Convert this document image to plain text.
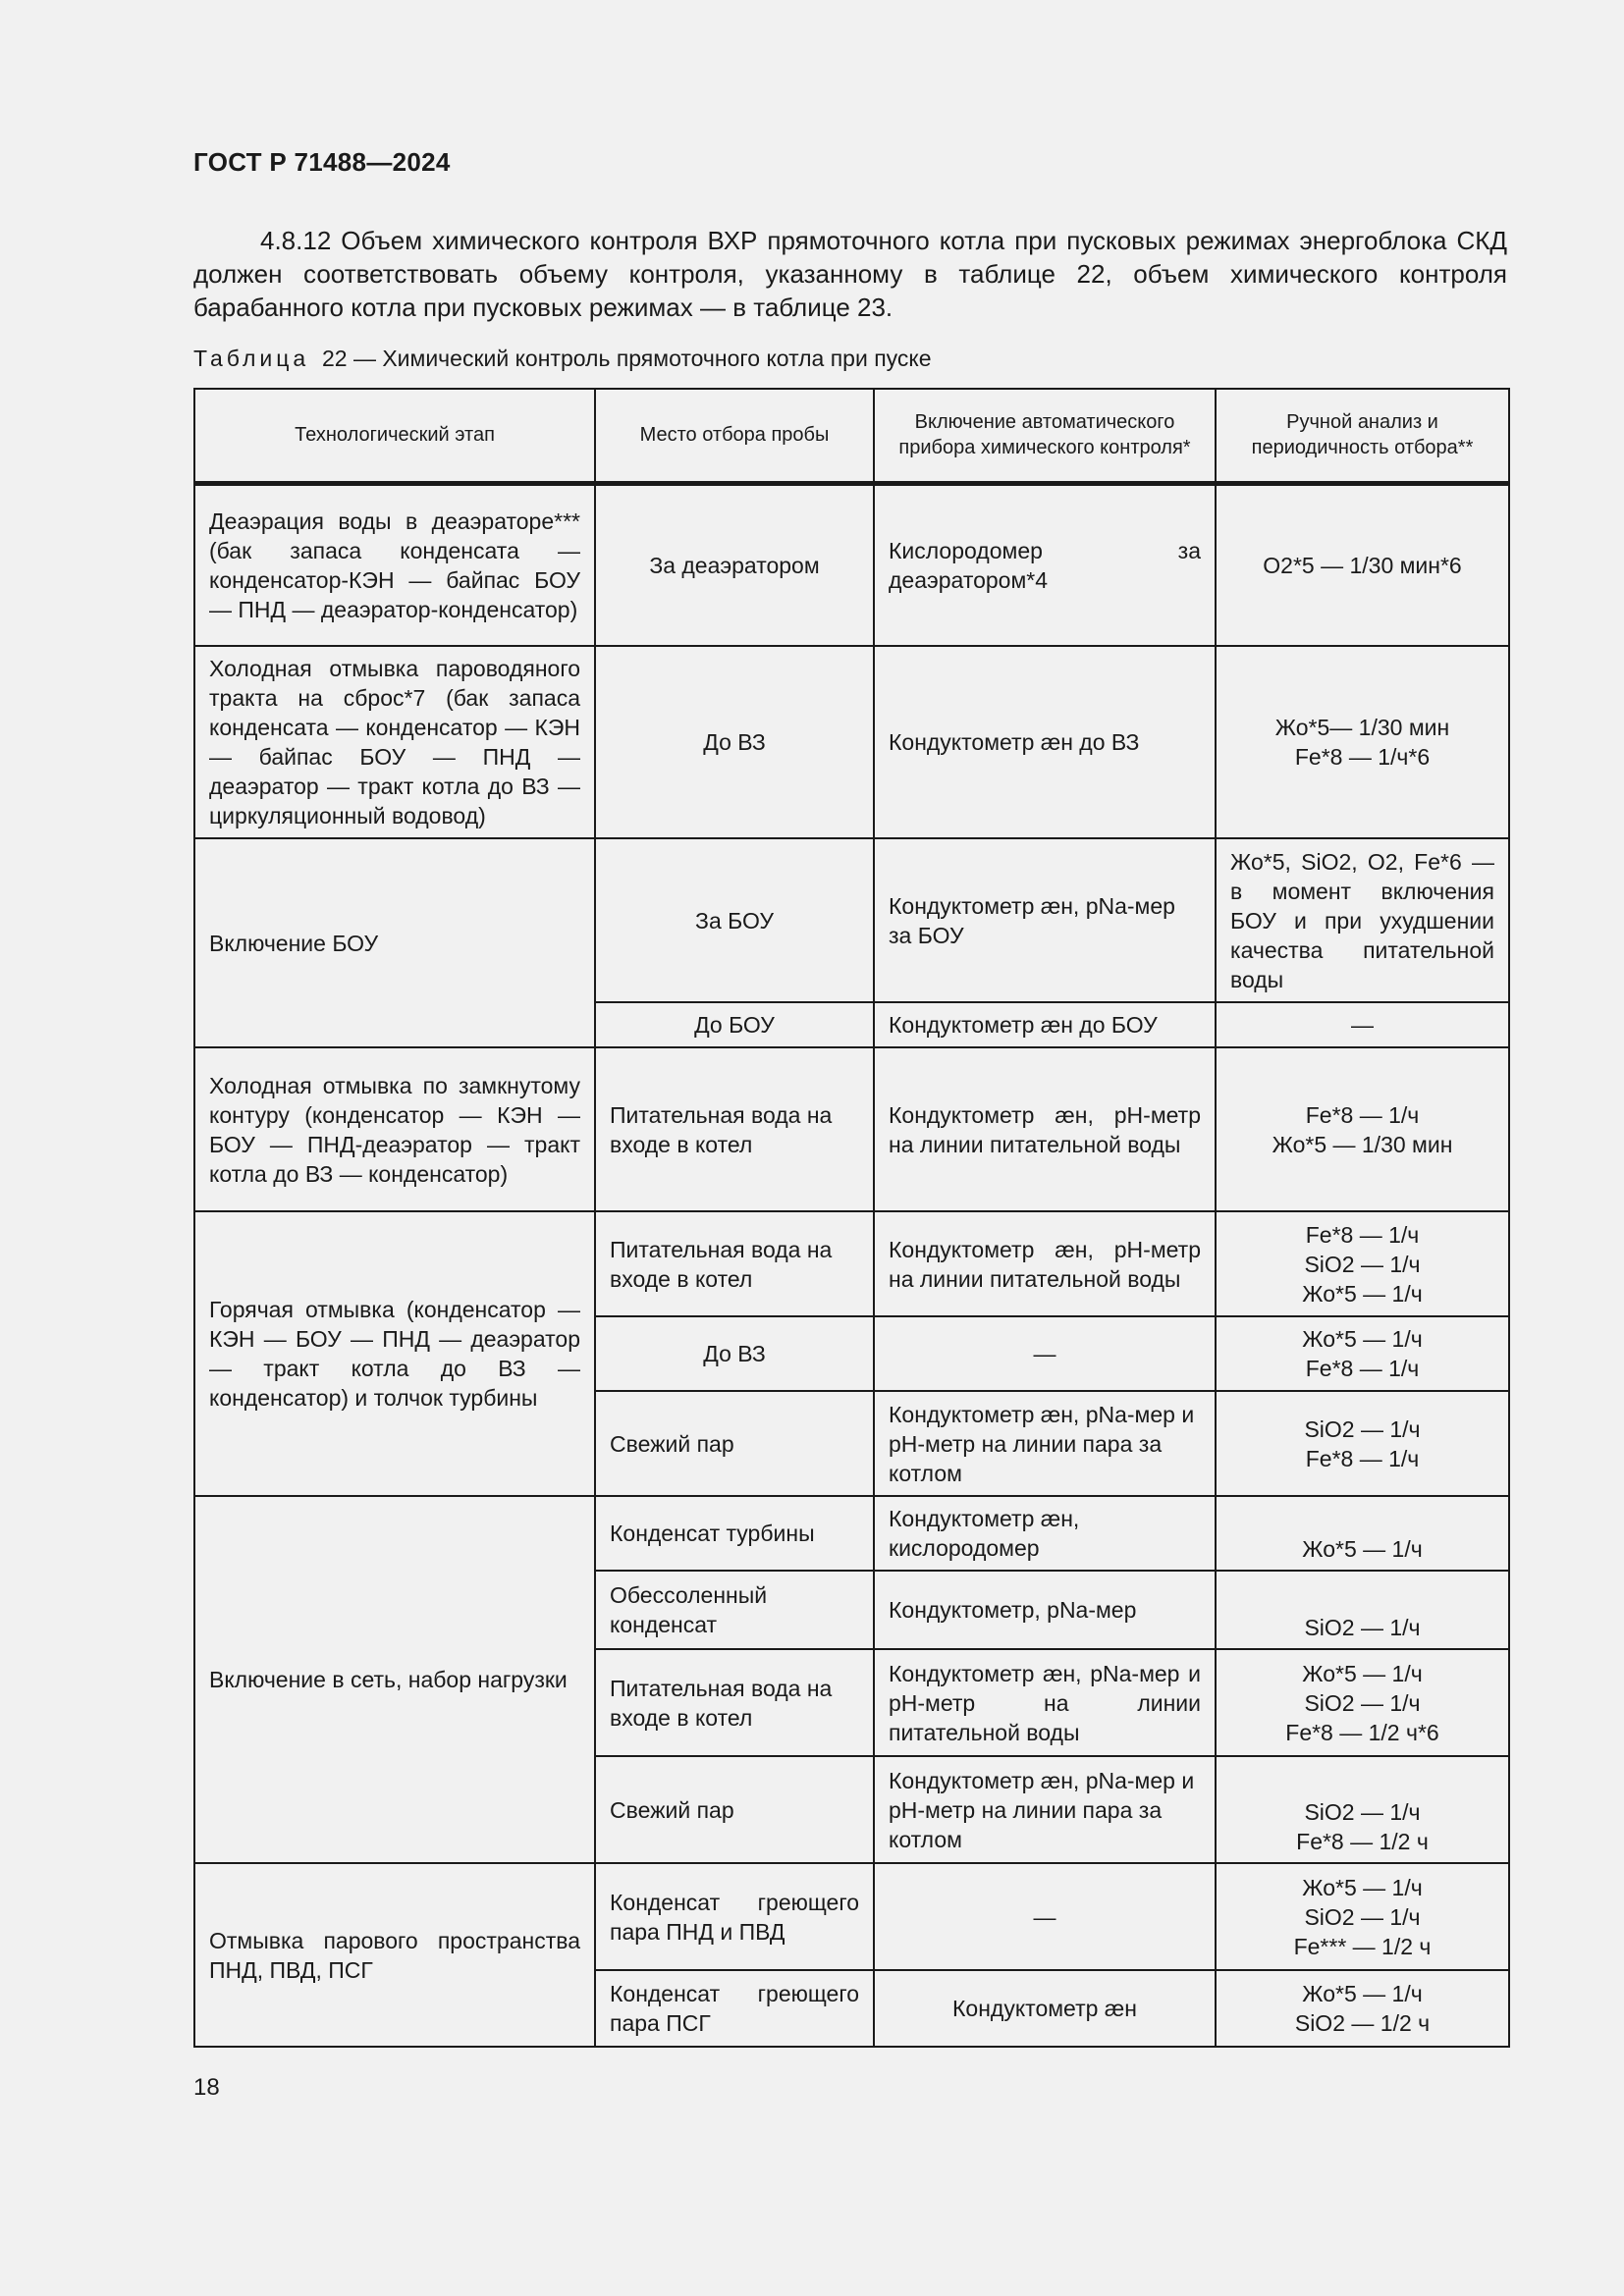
ГОСТ Р 71488—2024
4.8.12 Объем химического контроля ВХР прямоточного котла при пусковых режимах энергоблока СКД должен соответствовать объему контроля, указанному в таблице 22, объем химического контроля барабанного котла при пусковых режимах — в таблице 23.
Таблица 22 — Химический контроль прямоточного котла при пуске
Технологический этап	Место отбора пробы	Включение автоматического прибора химического контроля*	Ручной анализ и периодичность отбора**
Деаэрация воды в деаэраторе*** (бак запаса конденсата — конденсатор-КЭН — байпас БОУ — ПНД — деаэратор-конденсатор)	За деаэратором	Кислородомер за деаэратором*4	O2*5 — 1/30 мин*6

Холодная отмывка пароводяного тракта на сброс*7 (бак запаса конденсата — конденсатор — КЭН — байпас БОУ — ПНД — деаэратор — тракт котла до ВЗ — циркуляционный водовод)	До ВЗ	Кондуктометр æн до ВЗ	Жо*5— 1/30 мин
Fe*8 — 1/ч*6

Включение БОУ	За БОУ	Кондуктометр æн, pNa-мер за БОУ	Жо*5, SiO2, O2, Fe*6 — в момент включения БОУ и при ухудшении качества питательной воды

	До БОУ	Кондуктометр æн до БОУ	—

Холодная отмывка по замкнутому контуру (конденсатор — КЭН — БОУ — ПНД-деаэратор — тракт котла до ВЗ — конденсатор)	Питательная вода на входе в котел	Кондуктометр æн, pH-метр на линии питательной воды	Fe*8 — 1/ч
Жо*5 — 1/30 мин

Горячая отмывка (конденсатор — КЭН — БОУ — ПНД — деаэратор — тракт котла до ВЗ — конденсатор) и толчок турбины	Питательная вода на входе в котел	Кондуктометр æн, pH-метр на линии питательной воды	Fe*8 — 1/ч
SiO2 — 1/ч
Жо*5 — 1/ч

	До ВЗ	—	Жо*5 — 1/ч
Fe*8 — 1/ч

	Свежий пар	Кондуктометр æн, pNa-мер и pH-метр на линии пара за котлом	SiO2 — 1/ч
Fe*8 — 1/ч

Включение в сеть, набор нагрузки	Конденсат турбины	Кондуктометр æн, кислородомер	Жо*5 — 1/ч

	Обессоленный конденсат	Кондуктометр, pNa-мер	SiO2 — 1/ч

	Питательная вода на входе в котел	Кондуктометр æн, pNa-мер и pH-метр на линии питательной воды	Жо*5 — 1/ч
SiO2 — 1/ч
Fe*8 — 1/2 ч*6

	Свежий пар	Кондуктометр æн, pNa-мер и pH-метр на линии пара за котлом	SiO2 — 1/ч
Fe*8 — 1/2 ч

Отмывка парового пространства ПНД, ПВД, ПСГ	Конденсат греющего пара ПНД и ПВД	—	Жо*5 — 1/ч
SiO2 — 1/ч
Fe*** — 1/2 ч

	Конденсат греющего пара ПСГ	Кондуктометр æн	Жо*5 — 1/ч
SiO2 — 1/2 ч
18
